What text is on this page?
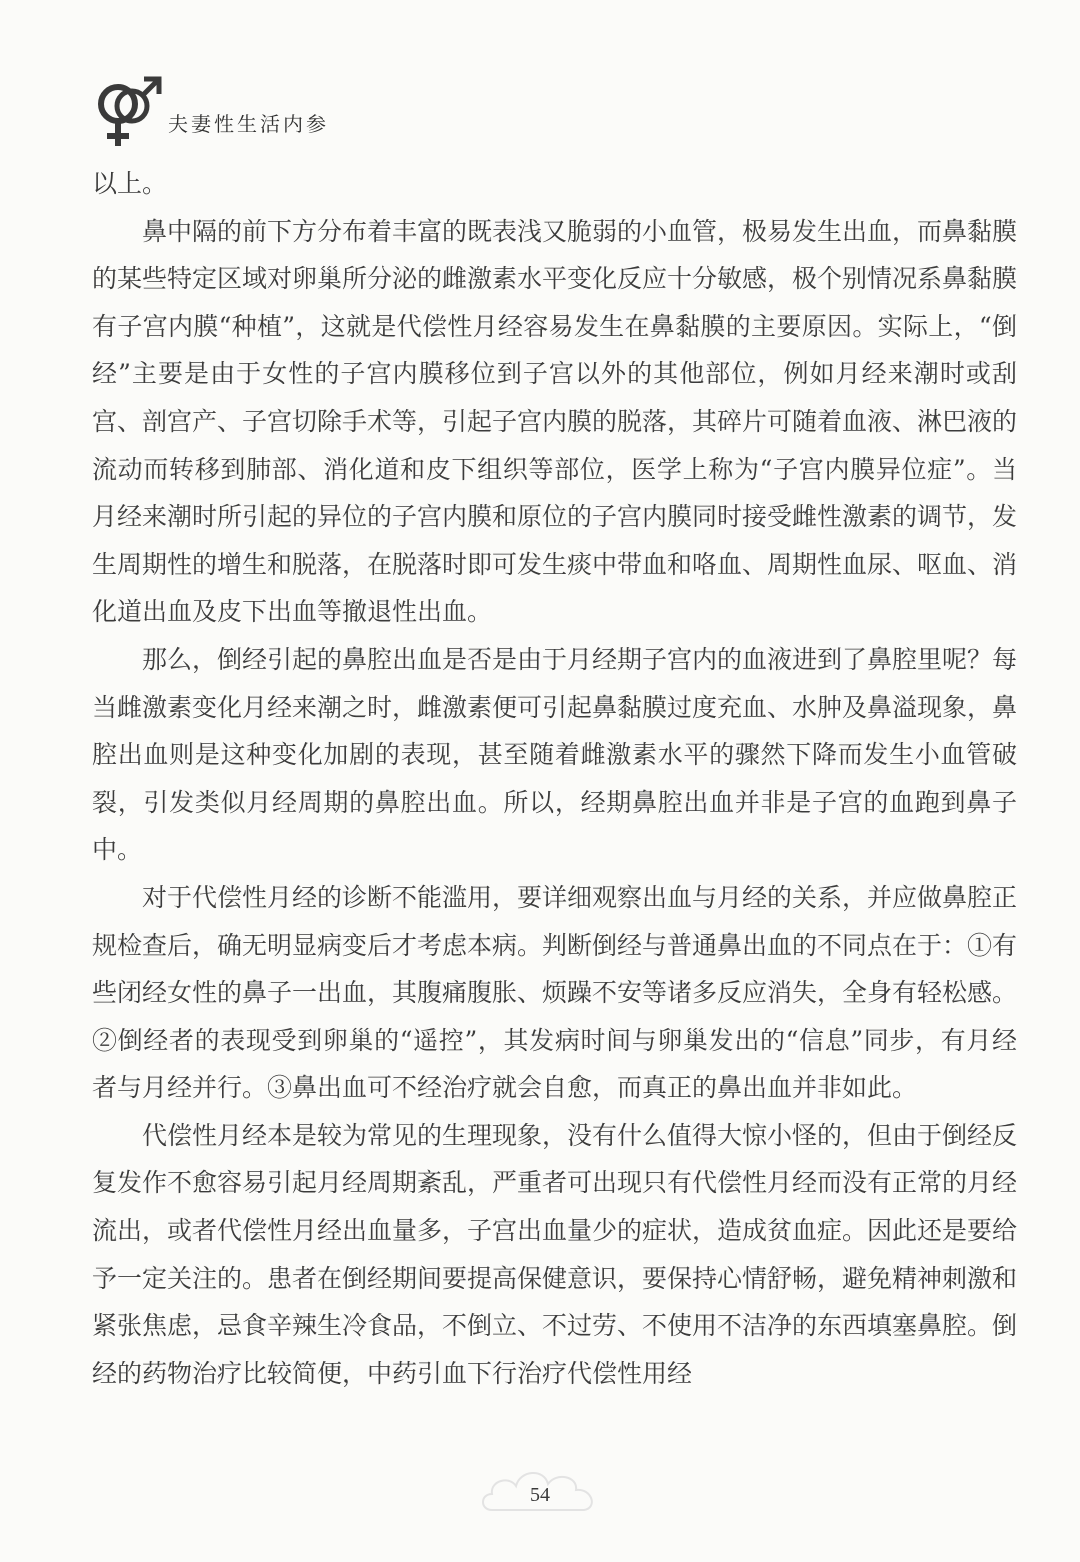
夫妻性生活内参

以上。

鼻中隔的前下方分布着丰富的既表浅又脆弱的小血管，极易发生出血，而鼻黏膜的某些特定区域对卵巢所分泌的雌激素水平变化反应十分敏感，极个别情况系鼻黏膜有子宫内膜“种植”，这就是代偿性月经容易发生在鼻黏膜的主要原因。实际上，“倒经”主要是由于女性的子宫内膜移位到子宫以外的其他部位，例如月经来潮时或刮宫、剖宫产、子宫切除手术等，引起子宫内膜的脱落，其碎片可随着血液、淋巴液的流动而转移到肺部、消化道和皮下组织等部位，医学上称为“子宫内膜异位症”。当月经来潮时所引起的异位的子宫内膜和原位的子宫内膜同时接受雌性激素的调节，发生周期性的增生和脱落，在脱落时即可发生痰中带血和咯血、周期性血尿、呕血、消化道出血及皮下出血等撤退性出血。

那么，倒经引起的鼻腔出血是否是由于月经期子宫内的血液进到了鼻腔里呢？每当雌激素变化月经来潮之时，雌激素便可引起鼻黏膜过度充血、水肿及鼻溢现象，鼻腔出血则是这种变化加剧的表现，甚至随着雌激素水平的骤然下降而发生小血管破裂，引发类似月经周期的鼻腔出血。所以，经期鼻腔出血并非是子宫的血跑到鼻子中。

对于代偿性月经的诊断不能滥用，要详细观察出血与月经的关系，并应做鼻腔正规检查后，确无明显病变后才考虑本病。判断倒经与普通鼻出血的不同点在于：①有些闭经女性的鼻子一出血，其腹痛腹胀、烦躁不安等诸多反应消失，全身有轻松感。②倒经者的表现受到卵巢的“遥控”，其发病时间与卵巢发出的“信息”同步，有月经者与月经并行。③鼻出血可不经治疗就会自愈，而真正的鼻出血并非如此。

代偿性月经本是较为常见的生理现象，没有什么值得大惊小怪的，但由于倒经反复发作不愈容易引起月经周期紊乱，严重者可出现只有代偿性月经而没有正常的月经流出，或者代偿性月经出血量多，子宫出血量少的症状，造成贫血症。因此还是要给予一定关注的。患者在倒经期间要提高保健意识，要保持心情舒畅，避免精神刺激和紧张焦虑，忌食辛辣生冷食品，不倒立、不过劳、不使用不洁净的东西填塞鼻腔。倒经的药物治疗比较简便，中药引血下行治疗代偿性用经

54
